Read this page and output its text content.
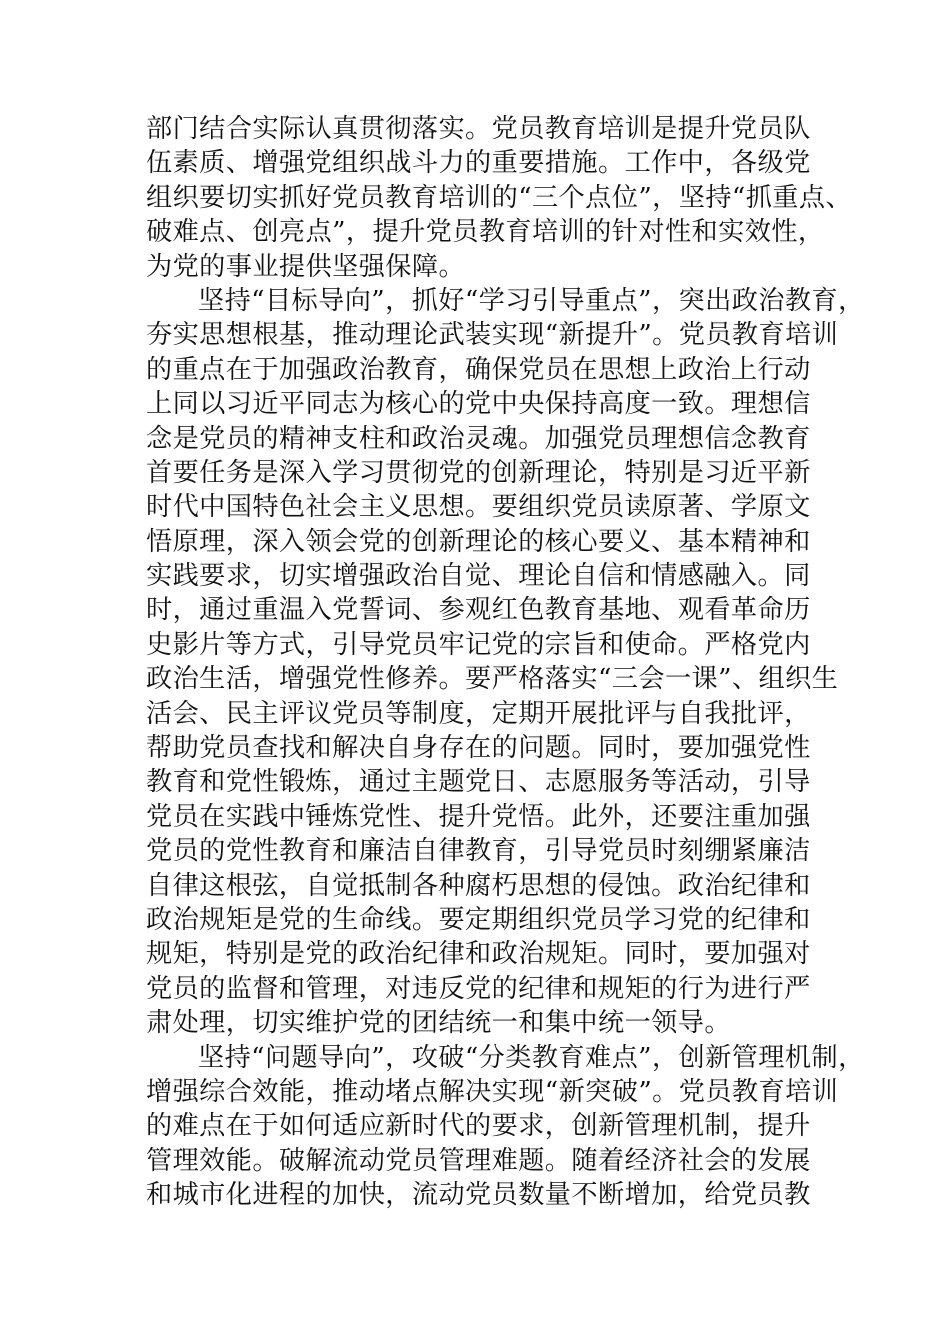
部门结合实际认真贯彻落实。党员教育培训是提升党员队
伍素质、增强党组织战斗力的重要措施。工作中，各级党
组织要切实抓好党员教育培训的“三个点位”，坚持“抓重点、
破难点、创亮点”，提升党员教育培训的针对性和实效性，
为党的事业提供坚强保障。
坚持“目标导向”，抓好“学习引导重点”，突出政治教育，
夯实思想根基，推动理论武装实现“新提升”。党员教育培训
的重点在于加强政治教育，确保党员在思想上政治上行动
上同以习近平同志为核心的党中央保持高度一致。理想信
念是党员的精神支柱和政治灵魂。加强党员理想信念教育
首要任务是深入学习贯彻党的创新理论，特别是习近平新
时代中国特色社会主义思想。要组织党员读原著、学原文
悟原理，深入领会党的创新理论的核心要义、基本精神和
实践要求，切实增强政治自觉、理论自信和情感融入。同
时，通过重温入党誓词、参观红色教育基地、观看革命历
史影片等方式，引导党员牢记党的宗旨和使命。严格党内
政治生活，增强党性修养。要严格落实“三会一课”、组织生
活会、民主评议党员等制度，定期开展批评与自我批评，
帮助党员查找和解决自身存在的问题。同时，要加强党性
教育和党性锻炼，通过主题党日、志愿服务等活动，引导
党员在实践中锤炼党性、提升党悟。此外，还要注重加强
党员的党性教育和廉洁自律教育，引导党员时刻绷紧廉洁
自律这根弦，自觉抵制各种腐朽思想的侵蚀。政治纪律和
政治规矩是党的生命线。要定期组织党员学习党的纪律和
规矩，特别是党的政治纪律和政治规矩。同时，要加强对
党员的监督和管理，对违反党的纪律和规矩的行为进行严
肃处理，切实维护党的团结统一和集中统一领导。
坚持“问题导向”，攻破“分类教育难点”，创新管理机制，
增强综合效能，推动堵点解决实现“新突破”。党员教育培训
的难点在于如何适应新时代的要求，创新管理机制，提升
管理效能。破解流动党员管理难题。随着经济社会的发展
和城市化进程的加快，流动党员数量不断增加，给党员教
